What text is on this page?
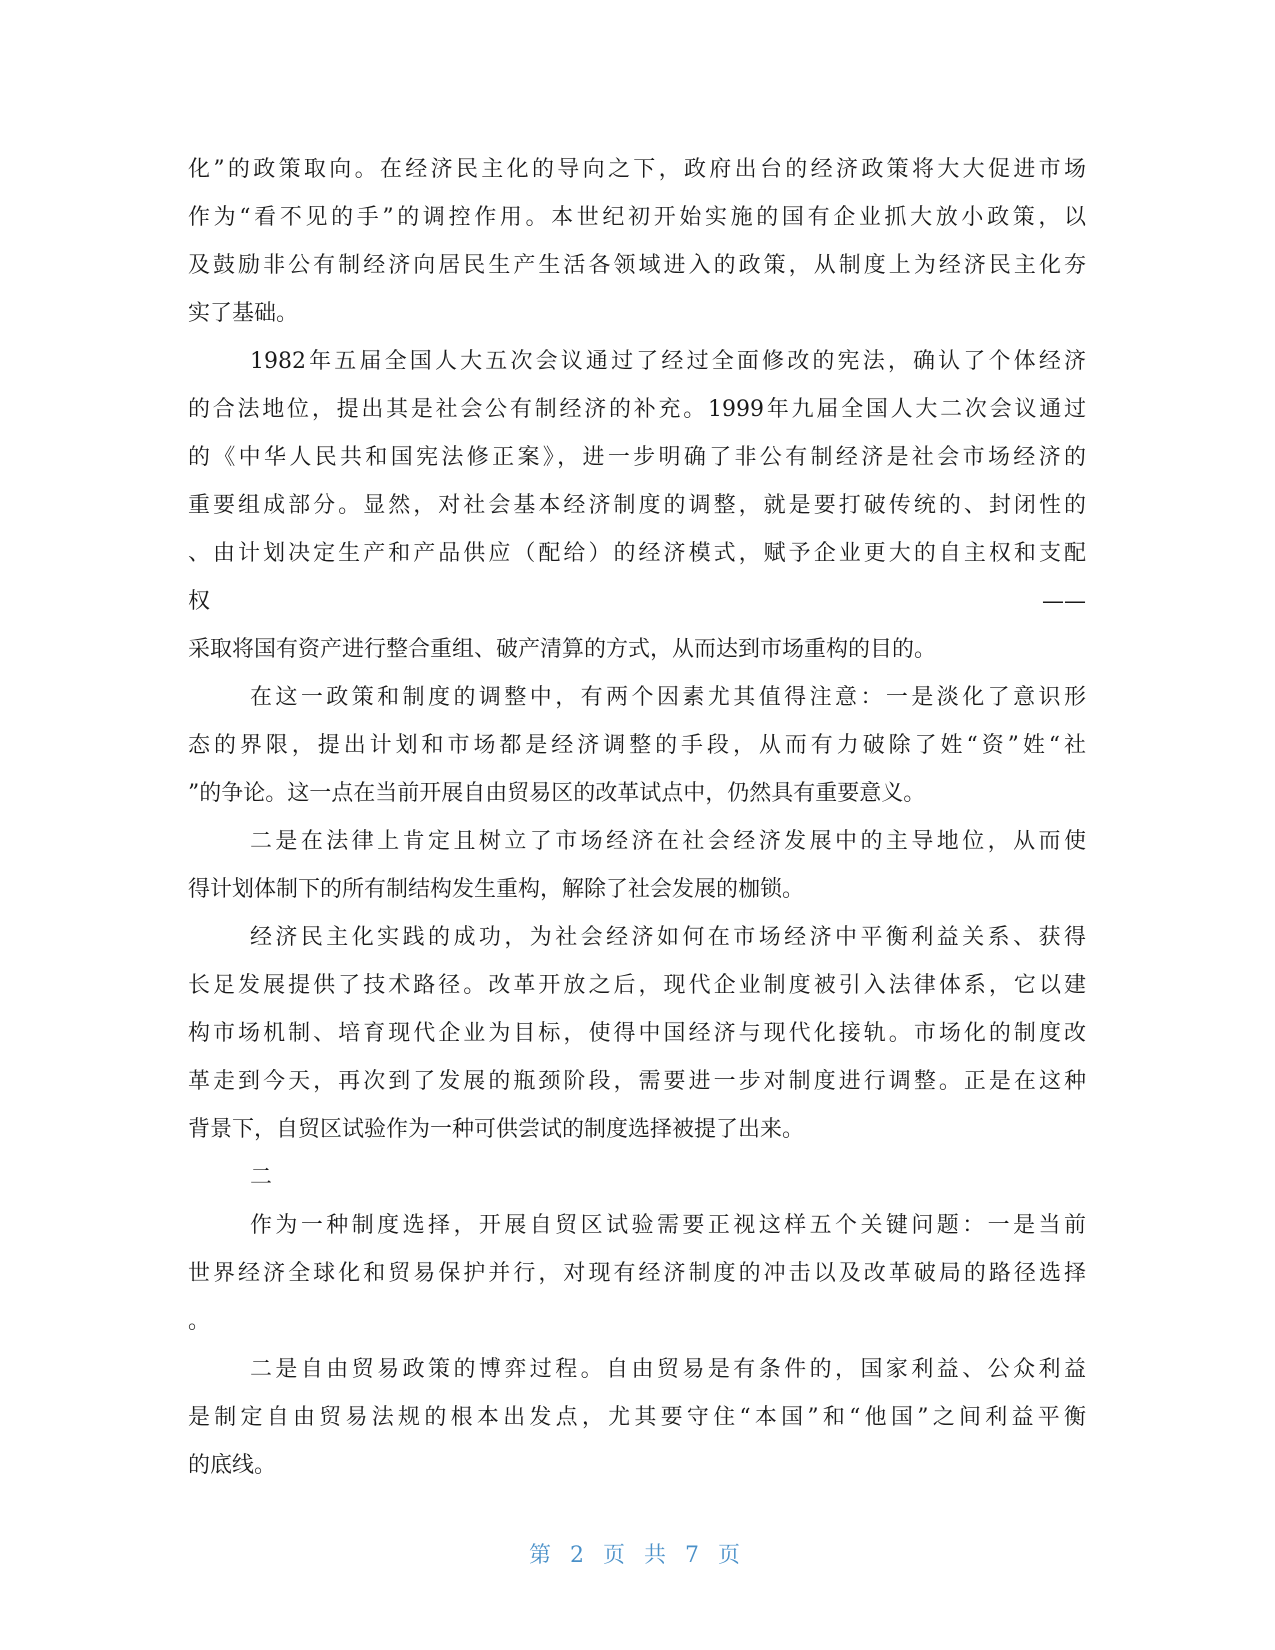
化”的政策取向。在经济民主化的导向之下，政府出台的经济政策将大大促进市场
作为“看不见的手”的调控作用。本世纪初开始实施的国有企业抓大放小政策，以
及鼓励非公有制经济向居民生产生活各领域进入的政策，从制度上为经济民主化夯
实了基础。
1982年五届全国人大五次会议通过了经过全面修改的宪法，确认了个体经济
的合法地位，提出其是社会公有制经济的补充。1999年九届全国人大二次会议通过
的《中华人民共和国宪法修正案》，进一步明确了非公有制经济是社会市场经济的
重要组成部分。显然，对社会基本经济制度的调整，就是要打破传统的、封闭性的
、由计划决定生产和产品供应（配给）的经济模式，赋予企业更大的自主权和支配
权——
采取将国有资产进行整合重组、破产清算的方式，从而达到市场重构的目的。
在这一政策和制度的调整中，有两个因素尤其值得注意：一是淡化了意识形
态的界限，提出计划和市场都是经济调整的手段，从而有力破除了姓“资”姓“社
”的争论。这一点在当前开展自由贸易区的改革试点中，仍然具有重要意义。
二是在法律上肯定且树立了市场经济在社会经济发展中的主导地位，从而使
得计划体制下的所有制结构发生重构，解除了社会发展的枷锁。
经济民主化实践的成功，为社会经济如何在市场经济中平衡利益关系、获得
长足发展提供了技术路径。改革开放之后，现代企业制度被引入法律体系，它以建
构市场机制、培育现代企业为目标，使得中国经济与现代化接轨。市场化的制度改
革走到今天，再次到了发展的瓶颈阶段，需要进一步对制度进行调整。正是在这种
背景下，自贸区试验作为一种可供尝试的制度选择被提了出来。
二
作为一种制度选择，开展自贸区试验需要正视这样五个关键问题：一是当前
世界经济全球化和贸易保护并行，对现有经济制度的冲击以及改革破局的路径选择
。
二是自由贸易政策的博弈过程。自由贸易是有条件的，国家利益、公众利益
是制定自由贸易法规的根本出发点，尤其要守住“本国”和“他国”之间利益平衡
的底线。
第 2 页 共 7 页
